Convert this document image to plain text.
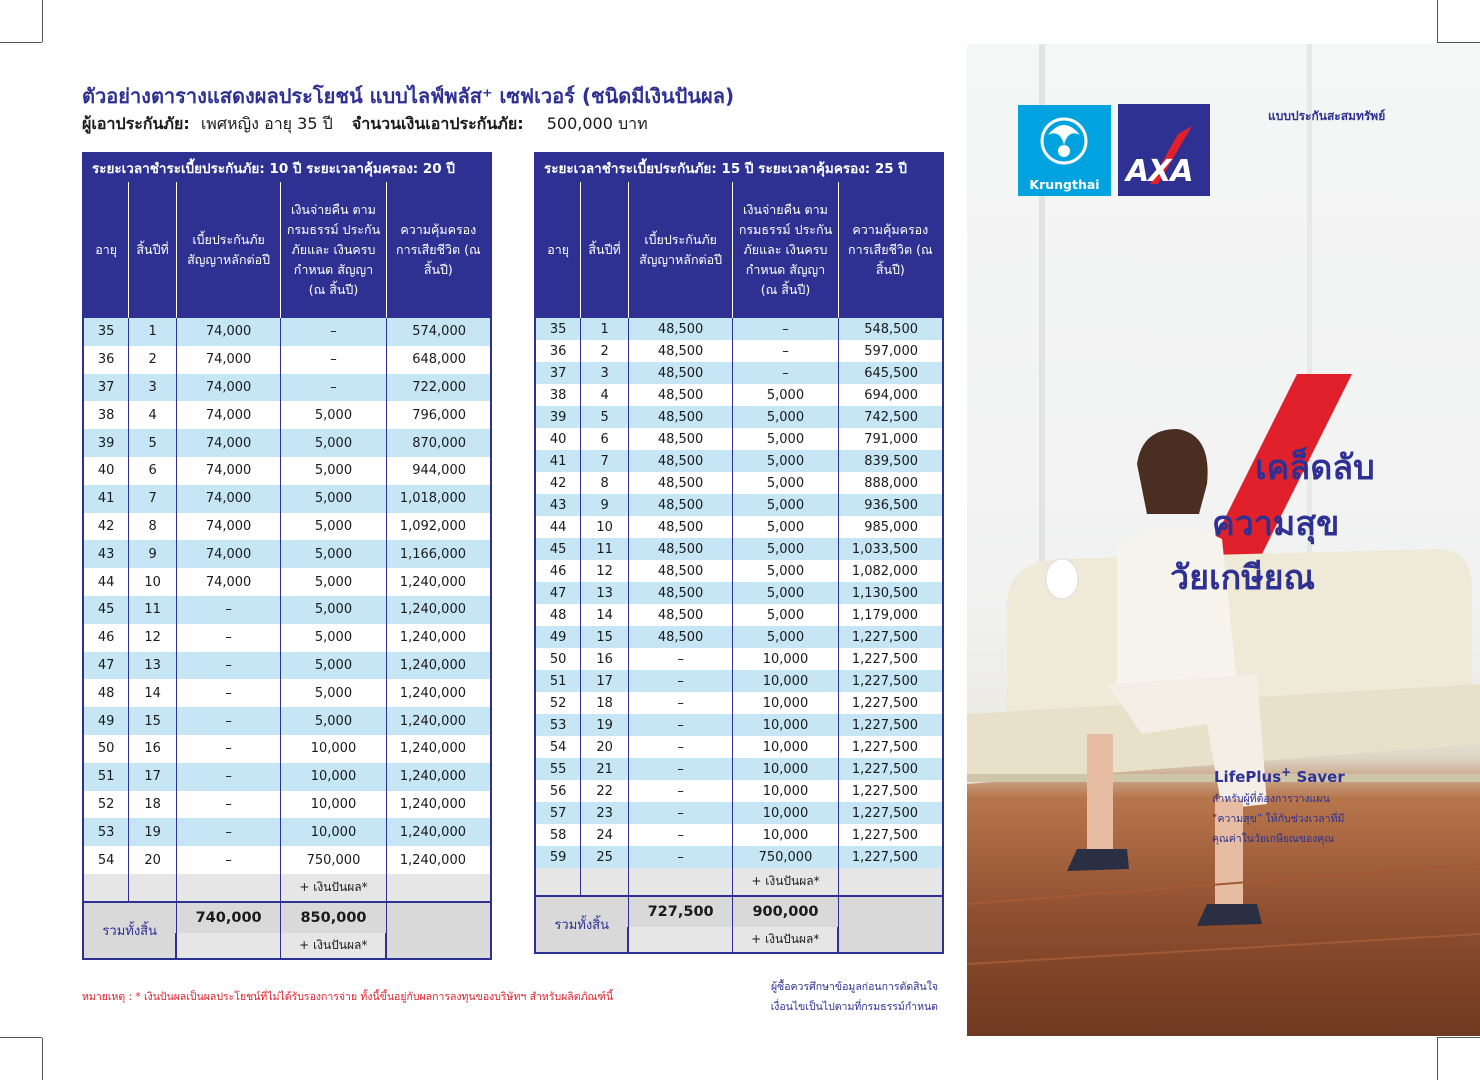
ตัวอย่างตารางแสดงผลประโยชน์ แบบไลฟ์พลัส⁺ เซฟเวอร์ (ชนิดมีเงินปันผล)
ผู้เอาประกันภัย: เพศหญิง อายุ 35 ปี จำนวนเงินเอาประกันภัย: 500,000 บาท
ระยะเวลาชำระเบี้ยประกันภัย: 10 ปี ระยะเวลาคุ้มครอง: 20 ปี
อายุ	สิ้นปีที่	เบี้ยประกันภัย สัญญาหลักต่อปี	เงินจ่ายคืน ตามกรมธรรม์ ประกันภัยและ เงินครบกำหนด สัญญา (ณ สิ้นปี)	ความคุ้มครอง การเสียชีวิต (ณ สิ้นปี)
35	1	74,000	–	574,000
36	2	74,000	–	648,000
37	3	74,000	–	722,000
38	4	74,000	5,000	796,000
39	5	74,000	5,000	870,000
40	6	74,000	5,000	944,000
41	7	74,000	5,000	1,018,000
42	8	74,000	5,000	1,092,000
43	9	74,000	5,000	1,166,000
44	10	74,000	5,000	1,240,000
45	11	–	5,000	1,240,000
46	12	–	5,000	1,240,000
47	13	–	5,000	1,240,000
48	14	–	5,000	1,240,000
49	15	–	5,000	1,240,000
50	16	–	10,000	1,240,000
51	17	–	10,000	1,240,000
52	18	–	10,000	1,240,000
53	19	–	10,000	1,240,000
54	20	–	750,000	1,240,000
			+ เงินปันผล*	
รวมทั้งสิ้น		740,000	850,000	
			+ เงินปันผล*	
ระยะเวลาชำระเบี้ยประกันภัย: 15 ปี ระยะเวลาคุ้มครอง: 25 ปี
อายุ	สิ้นปีที่	เบี้ยประกันภัย สัญญาหลักต่อปี	เงินจ่ายคืน ตามกรมธรรม์ ประกันภัยและ เงินครบกำหนด สัญญา (ณ สิ้นปี)	ความคุ้มครอง การเสียชีวิต (ณ สิ้นปี)
35	1	48,500	–	548,500
36	2	48,500	–	597,000
37	3	48,500	–	645,500
38	4	48,500	5,000	694,000
39	5	48,500	5,000	742,500
40	6	48,500	5,000	791,000
41	7	48,500	5,000	839,500
42	8	48,500	5,000	888,000
43	9	48,500	5,000	936,500
44	10	48,500	5,000	985,000
45	11	48,500	5,000	1,033,500
46	12	48,500	5,000	1,082,000
47	13	48,500	5,000	1,130,500
48	14	48,500	5,000	1,179,000
49	15	48,500	5,000	1,227,500
50	16	–	10,000	1,227,500
51	17	–	10,000	1,227,500
52	18	–	10,000	1,227,500
53	19	–	10,000	1,227,500
54	20	–	10,000	1,227,500
55	21	–	10,000	1,227,500
56	22	–	10,000	1,227,500
57	23	–	10,000	1,227,500
58	24	–	10,000	1,227,500
59	25	–	750,000	1,227,500
			+ เงินปันผล*	
รวมทั้งสิ้น		727,500	900,000	
			+ เงินปันผล*	
หมายเหตุ : * เงินปันผลเป็นผลประโยชน์ที่ไม่ได้รับรองการจ่าย ทั้งนี้ขึ้นอยู่กับผลการลงทุนของบริษัทฯ สำหรับผลิตภัณฑ์นี้
ผู้ซื้อควรศึกษาข้อมูลก่อนการตัดสินใจ
เงื่อนไขเป็นไปตามที่กรมธรรม์กำหนด
Krungthai AXA
แบบประกันสะสมทรัพย์
เคล็ดลับ
ความสุข
วัยเกษียณ
LifePlus+ Saver
สำหรับผู้ที่ต้องการวางแผน
“ความสุข” ให้กับช่วงเวลาที่มี
คุณค่าในวัยเกษียณของคุณ
